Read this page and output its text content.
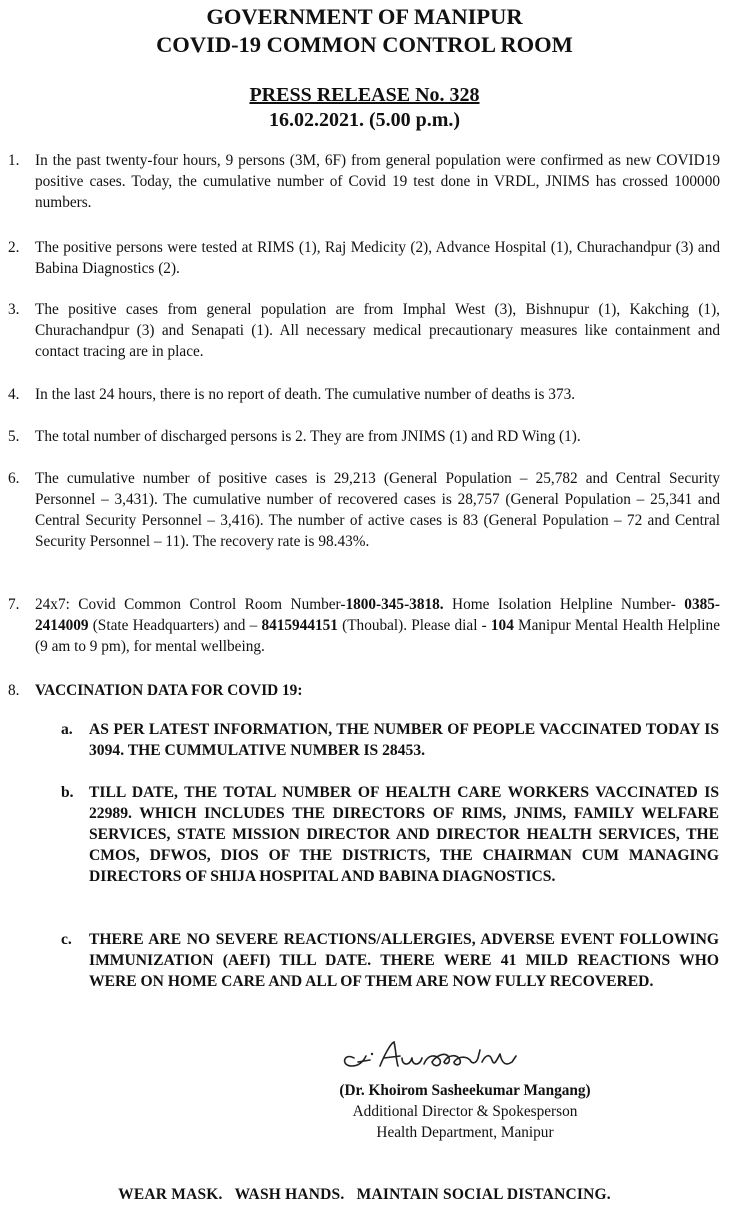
GOVERNMENT OF MANIPUR
COVID-19 COMMON CONTROL ROOM
PRESS RELEASE No. 328
16.02.2021. (5.00 p.m.)
1.	In the past twenty-four hours, 9 persons (3M, 6F) from general population were confirmed as new COVID19 positive cases. Today, the cumulative number of Covid 19 test done in VRDL, JNIMS has crossed 100000 numbers.
2.	The positive persons were tested at RIMS (1), Raj Medicity (2), Advance Hospital (1), Churachandpur (3) and Babina Diagnostics (2).
3.	The positive cases from general population are from Imphal West (3), Bishnupur (1), Kakching (1), Churachandpur (3) and Senapati (1). All necessary medical precautionary measures like containment and contact tracing are in place.
4.	In the last 24 hours, there is no report of death. The cumulative number of deaths is 373.
5.	The total number of discharged persons is 2. They are from JNIMS (1) and RD Wing (1).
6.	The cumulative number of positive cases is 29,213 (General Population – 25,782 and Central Security Personnel – 3,431). The cumulative number of recovered cases is 28,757 (General Population – 25,341 and Central Security Personnel – 3,416). The number of active cases is 83 (General Population – 72 and Central Security Personnel – 11). The recovery rate is 98.43%.
7.	24x7: Covid Common Control Room Number-1800-345-3818. Home Isolation Helpline Number- 0385-2414009 (State Headquarters) and – 8415944151 (Thoubal). Please dial - 104 Manipur Mental Health Helpline (9 am to 9 pm), for mental wellbeing.
8.	VACCINATION DATA FOR COVID 19:
a.	AS PER LATEST INFORMATION, THE NUMBER OF PEOPLE VACCINATED TODAY IS 3094. THE CUMMULATIVE NUMBER IS 28453.
b. TILL DATE, THE TOTAL NUMBER OF HEALTH CARE WORKERS VACCINATED IS 22989. WHICH INCLUDES THE DIRECTORS OF RIMS, JNIMS, FAMILY WELFARE SERVICES, STATE MISSION DIRECTOR AND DIRECTOR HEALTH SERVICES, THE CMOS, DFWOS, DIOS OF THE DISTRICTS, THE CHAIRMAN CUM MANAGING DIRECTORS OF SHIJA HOSPITAL AND BABINA DIAGNOSTICS.
c.	THERE ARE NO SEVERE REACTIONS/ALLERGIES, ADVERSE EVENT FOLLOWING IMMUNIZATION (AEFI) TILL DATE. THERE WERE 41 MILD REACTIONS WHO WERE ON HOME CARE AND ALL OF THEM ARE NOW FULLY RECOVERED.
(Dr. Khoirom Sasheekumar Mangang)
Additional Director & Spokesperson
Health Department, Manipur
WEAR MASK.   WASH HANDS.   MAINTAIN SOCIAL DISTANCING.
